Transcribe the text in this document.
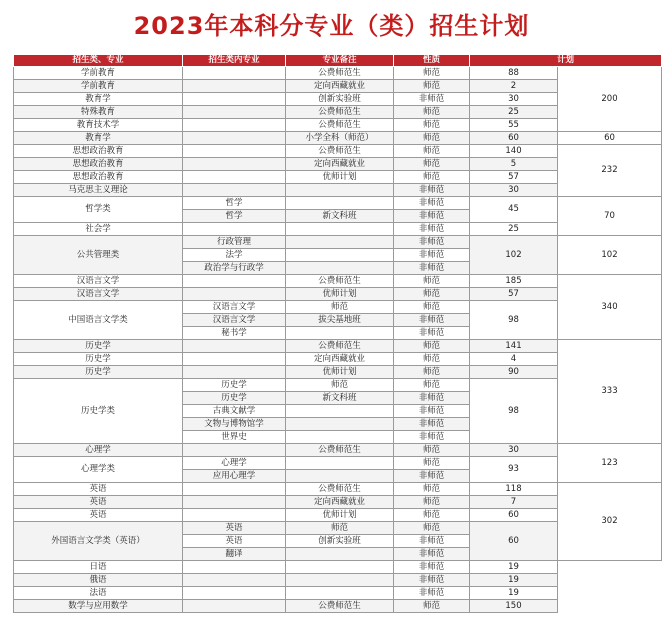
2023年本科分专业（类）招生计划
招生类、专业	招生类内专业	专业备注	性质	计划	
学前教育		公费师范生	师范	88	200
学前教育		定向西藏就业	师范	2	
教育学		创新实验班	非师范	30	
特殊教育		公费师范生	师范	25	
教育技术学		公费师范生	师范	55	
教育学		小学全科（师范）	师范	60	60
思想政治教育		公费师范生	师范	140	232
思想政治教育		定向西藏就业	师范	5	
思想政治教育		优师计划	师范	57	
马克思主义理论			非师范	30	
哲学类	哲学		非师范	45	70
	哲学	新文科班	非师范		
社会学			非师范	25	
公共管理类	行政管理		非师范	102	102
	法学		非师范		
	政治学与行政学		非师范		
汉语言文学		公费师范生	师范	185	340
汉语言文学		优师计划	师范	57	
中国语言文学类	汉语言文学	师范	师范	98	
	汉语言文学	拔尖基地班	非师范		
	秘书学		非师范		
历史学		公费师范生	师范	141	333
历史学		定向西藏就业	师范	4	
历史学		优师计划	师范	90	
历史学类	历史学	师范	师范	98	
	历史学	新文科班	非师范		
	古典文献学		非师范		
	文物与博物馆学		非师范		
	世界史		非师范		
心理学		公费师范生	师范	30	123
心理学类	心理学		师范	93	
	应用心理学		非师范		
英语		公费师范生	师范	118	302
英语		定向西藏就业	师范	7	
英语		优师计划	师范	60	
外国语言文学类（英语）	英语	师范	师范	60	
	英语	创新实验班	非师范		
	翻译		非师范		
日语			非师范	19	
俄语			非师范	19	
法语			非师范	19	
数学与应用数学		公费师范生	师范	150	
